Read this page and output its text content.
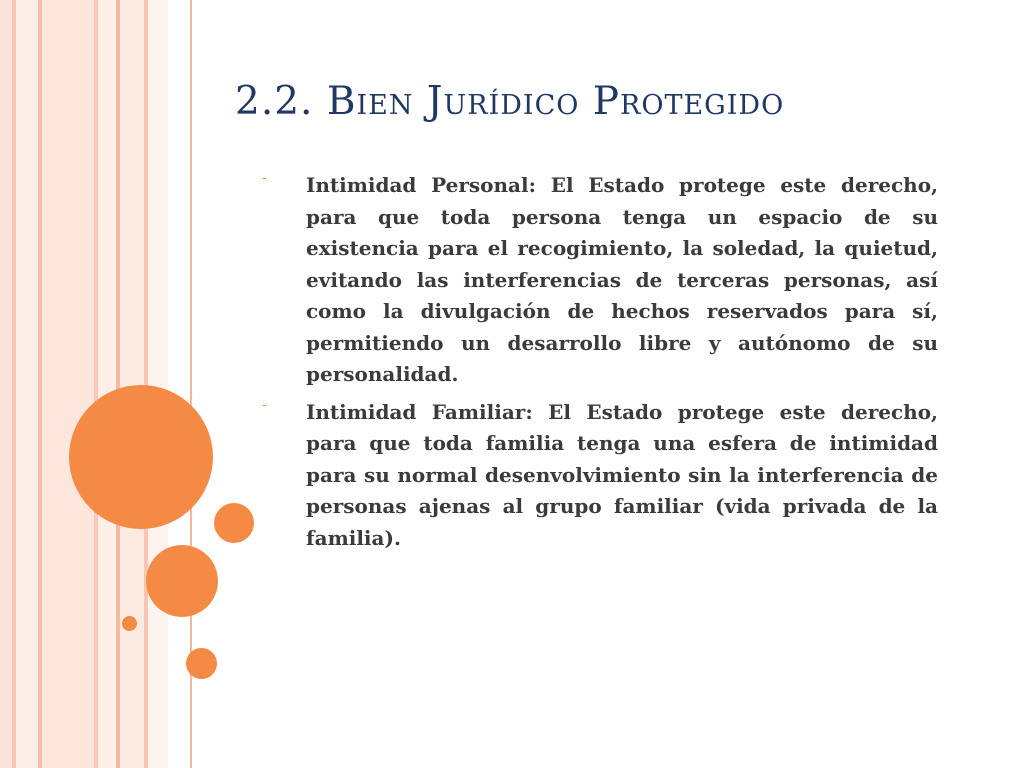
2.2. Bien Jurídico Protegido
- Intimidad Personal: El Estado protege este derecho, para que toda persona tenga un espacio de su existencia para el recogimiento, la soledad, la quietud, evitando las interferencias de terceras personas, así como la divulgación de hechos reservados para sí, permitiendo un desarrollo libre y autónomo de su personalidad.

- Intimidad Familiar: El Estado protege este derecho, para que toda familia tenga una esfera de intimidad para su normal desenvolvimiento sin la interferencia de personas ajenas al grupo familiar (vida privada de la familia).
